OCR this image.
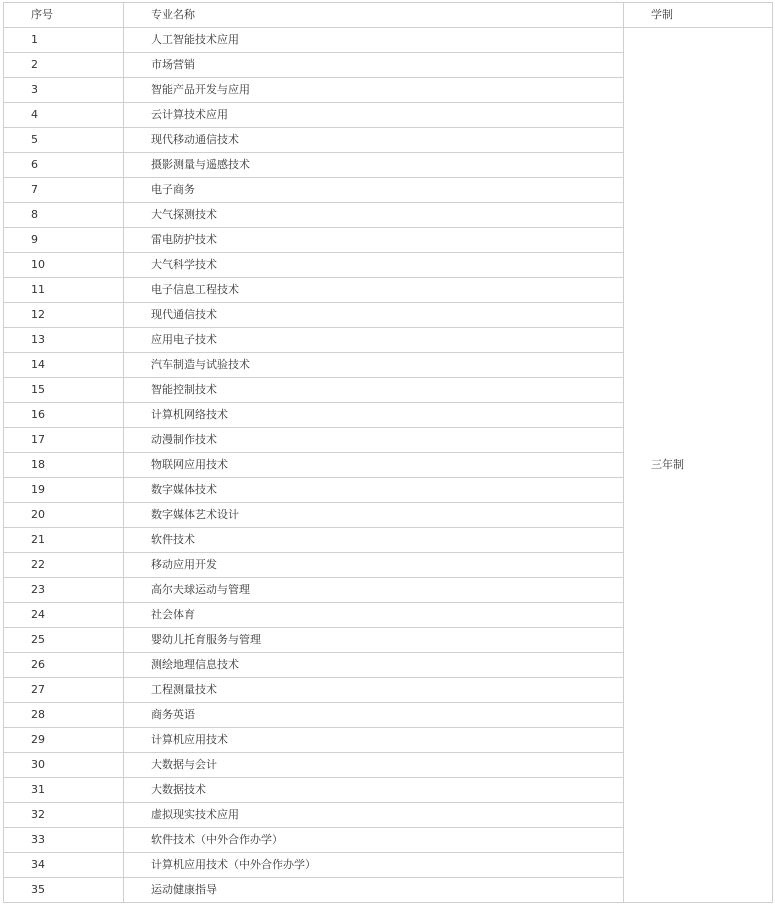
序号	专业名称	学制
1	人工智能技术应用	三年制
2	市场营销	
3	智能产品开发与应用	
4	云计算技术应用	
5	现代移动通信技术	
6	摄影测量与遥感技术	
7	电子商务	
8	大气探测技术	
9	雷电防护技术	
10	大气科学技术	
11	电子信息工程技术	
12	现代通信技术	
13	应用电子技术	
14	汽车制造与试验技术	
15	智能控制技术	
16	计算机网络技术	
17	动漫制作技术	
18	物联网应用技术	
19	数字媒体技术	
20	数字媒体艺术设计	
21	软件技术	
22	移动应用开发	
23	高尔夫球运动与管理	
24	社会体育	
25	婴幼儿托育服务与管理	
26	测绘地理信息技术	
27	工程测量技术	
28	商务英语	
29	计算机应用技术	
30	大数据与会计	
31	大数据技术	
32	虚拟现实技术应用	
33	软件技术（中外合作办学）	
34	计算机应用技术（中外合作办学）	
35	运动健康指导	
